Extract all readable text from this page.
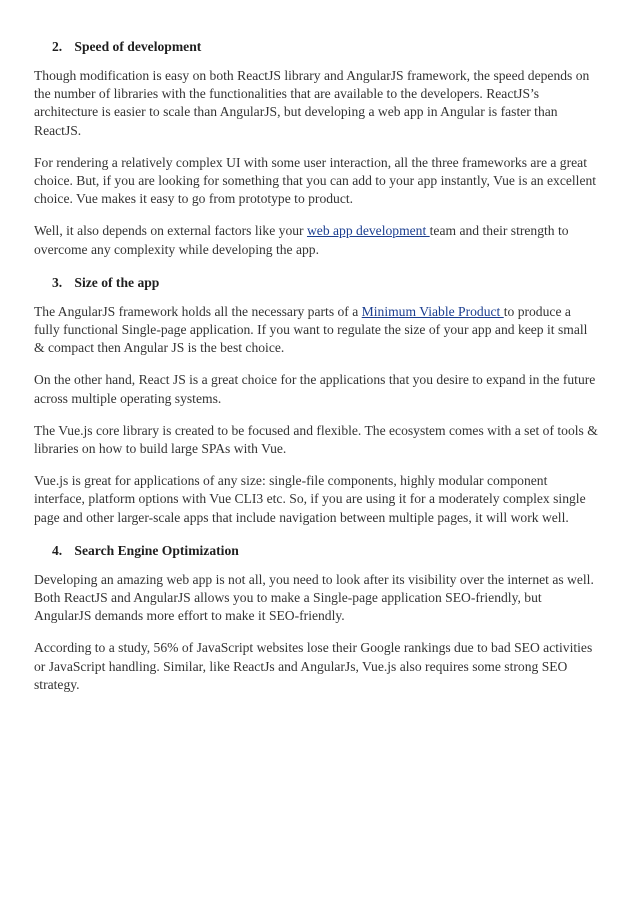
2. Speed of development

Though modification is easy on both ReactJS library and AngularJS framework, the speed depends on the number of libraries with the functionalities that are available to the developers. ReactJS’s architecture is easier to scale than AngularJS, but developing a web app in Angular is faster than ReactJS.

For rendering a relatively complex UI with some user interaction, all the three frameworks are a great choice. But, if you are looking for something that you can add to your app instantly, Vue is an excellent choice. Vue makes it easy to go from prototype to product.

Well, it also depends on external factors like your web app development team and their strength to overcome any complexity while developing the app.

3. Size of the app

The AngularJS framework holds all the necessary parts of a Minimum Viable Product to produce a fully functional Single-page application. If you want to regulate the size of your app and keep it small & compact then Angular JS is the best choice.

On the other hand, React JS is a great choice for the applications that you desire to expand in the future across multiple operating systems.

The Vue.js core library is created to be focused and flexible. The ecosystem comes with a set of tools & libraries on how to build large SPAs with Vue.

Vue.js is great for applications of any size: single-file components, highly modular component interface, platform options with Vue CLI3 etc. So, if you are using it for a moderately complex single page and other larger-scale apps that include navigation between multiple pages, it will work well.

4. Search Engine Optimization

Developing an amazing web app is not all, you need to look after its visibility over the internet as well. Both ReactJS and AngularJS allows you to make a Single-page application SEO-friendly, but AngularJS demands more effort to make it SEO-friendly.

According to a study, 56% of JavaScript websites lose their Google rankings due to bad SEO activities or JavaScript handling. Similar, like ReactJs and AngularJs, Vue.js also requires some strong SEO strategy.
